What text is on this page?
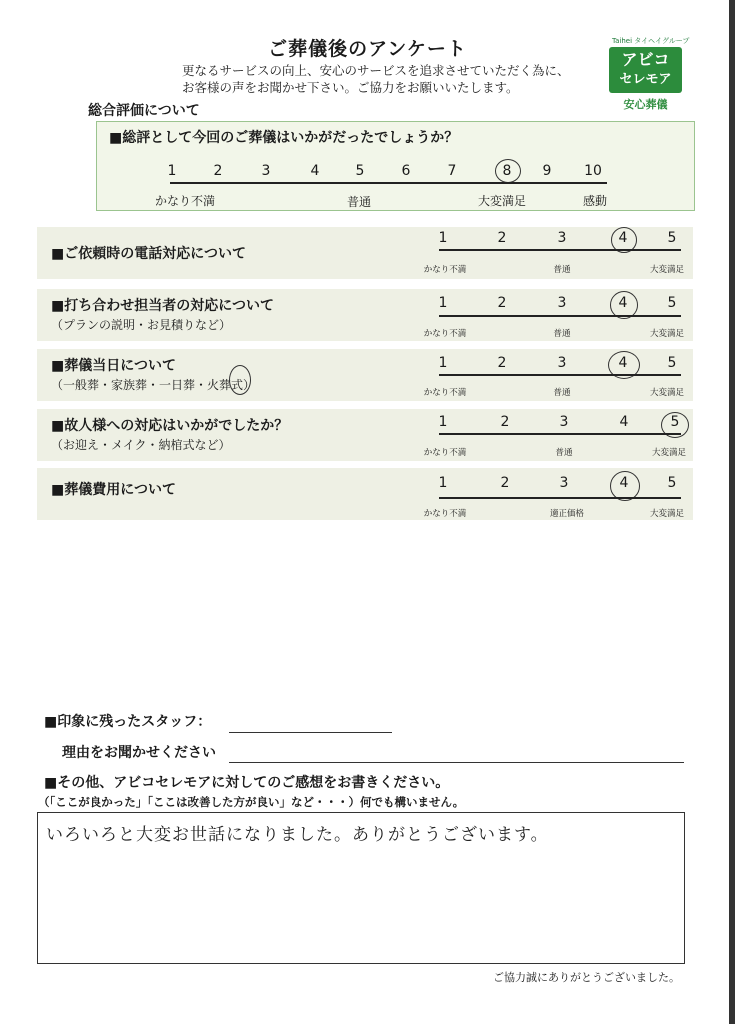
ご葬儀後のアンケート
更なるサービスの向上、安心のサービスを追求させていただく為に、
お客様の声をお聞かせ下さい。ご協力をお願いいたします。
Taihei タイヘイグループ
アビコ
セレモア
安心葬儀
総合評価について
■総評として今回のご葬儀はいかがだったでしょうか？
1	2	3	4	5	6	7	8	9	10
かなり不満	普通	大変満足	感動
■ご依頼時の電話対応について
1	2	3	4	5
かなり不満	普通	大変満足
■打ち合わせ担当者の対応について
（プランの説明・お見積りなど）
1	2	3	4	5
かなり不満	普通	大変満足
■葬儀当日について
（一般葬・家族葬・一日葬・火葬式）
1	2	3	4	5
かなり不満	普通	大変満足
■故人様への対応はいかがでしたか？
（お迎え・メイク・納棺式など）
1	2	3	4	5
かなり不満	普通	大変満足
■葬儀費用について	1	2	3	4	5
かなり不満	適正価格	大変満足
■印象に残ったスタッフ：
理由をお聞かせください
■その他、アビコセレモアに対してのご感想をお書きください。
（「ここが良かった」「ここは改善した方が良い」など・・・）何でも構いません。
いろいろと大変お世話になりました。ありがとうございます。
ご協力誠にありがとうございました。
